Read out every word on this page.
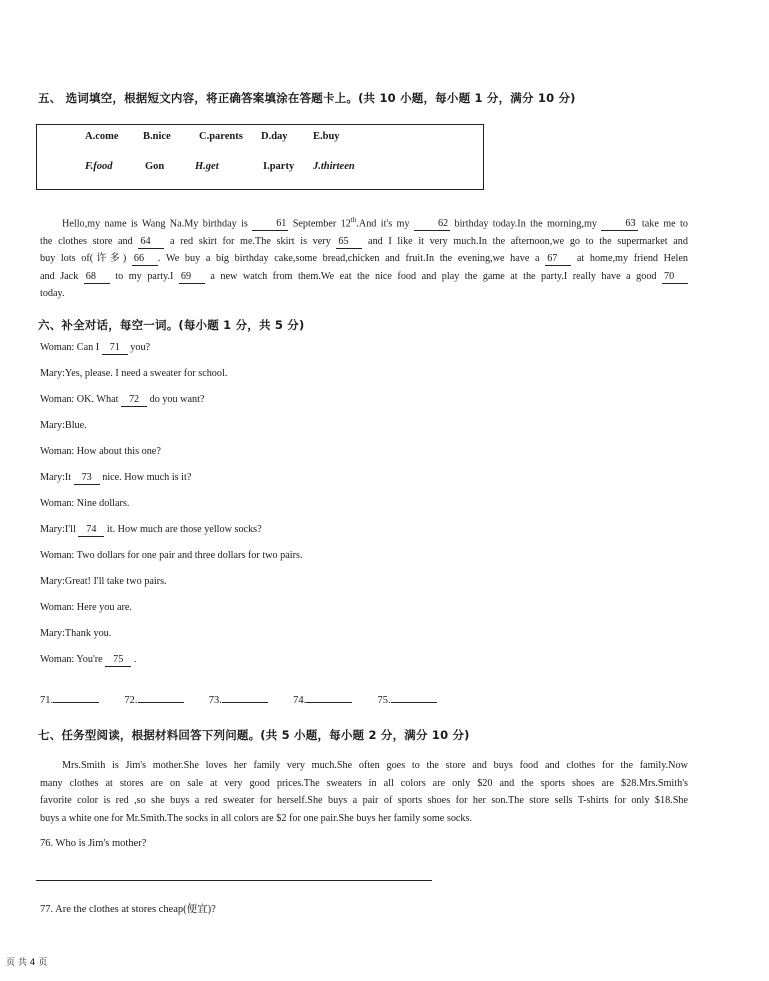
五、 选词填空，根据短文内容，将正确答案填涂在答题卡上。(共 10 小题，每小题 1 分，满分 10 分)
A.come B.nice	C.parents D.day E.buy
F.food	Gon	H.get	I.party J.thirteen
Hello,my name is Wang Na.My birthday is 61 September 12th.And it's my 62 birthday today.In the morning,my 63 take me to
the clothes store and 64 a red skirt for me.The skirt is very 65 and I like it very much.In the afternoon,we go to the supermarket and
buy lots of(许多) 66 . We buy a big birthday cake,some bread,chicken and fruit.In the evening,we have a 67 at home,my friend Helen
and Jack 68 to my party.I 69 a new watch from them.We eat the nice food and play the game at the party.I really have a good 70
today.
六、补全对话，每空一词。(每小题 1 分，共 5 分)
Woman: Can I 71 you?
Mary:Yes, please. I need a sweater for school.
Woman: OK. What 72 do you want?
Mary:Blue.
Woman: How about this one?
Mary:It 73 nice. How much is it?
Woman: Nine dollars.
Mary:I'll 74 it. How much are those yellow socks?
Woman: Two dollars for one pair and three dollars for two pairs.
Mary:Great! I'll take two pairs.
Woman: Here you are.
Mary:Thank you.
Woman: You're 75 .
71.	72.	73.	74.	75.
七、任务型阅读，根据材料回答下列问题。(共 5 小题，每小题 2 分，满分 10 分)
Mrs.Smith is Jim's mother.She loves her family very much.She often goes to the store and buys food and clothes for the family.Now
many clothes at stores are on sale at very good prices.The sweaters in all colors are only $20 and the sports shoes are $28.Mrs.Smith's
favorite color is red ,so she buys a red sweater for herself.She buys a pair of sports shoes for her son.The store sells T-shirts for only $18.She
buys a white one for Mr.Smith.The socks in all colors are $2 for one pair.She buys her family some socks.
76. Who is Jim's mother?
77. Are the clothes at stores cheap(便宜)?
页 共 4 页
